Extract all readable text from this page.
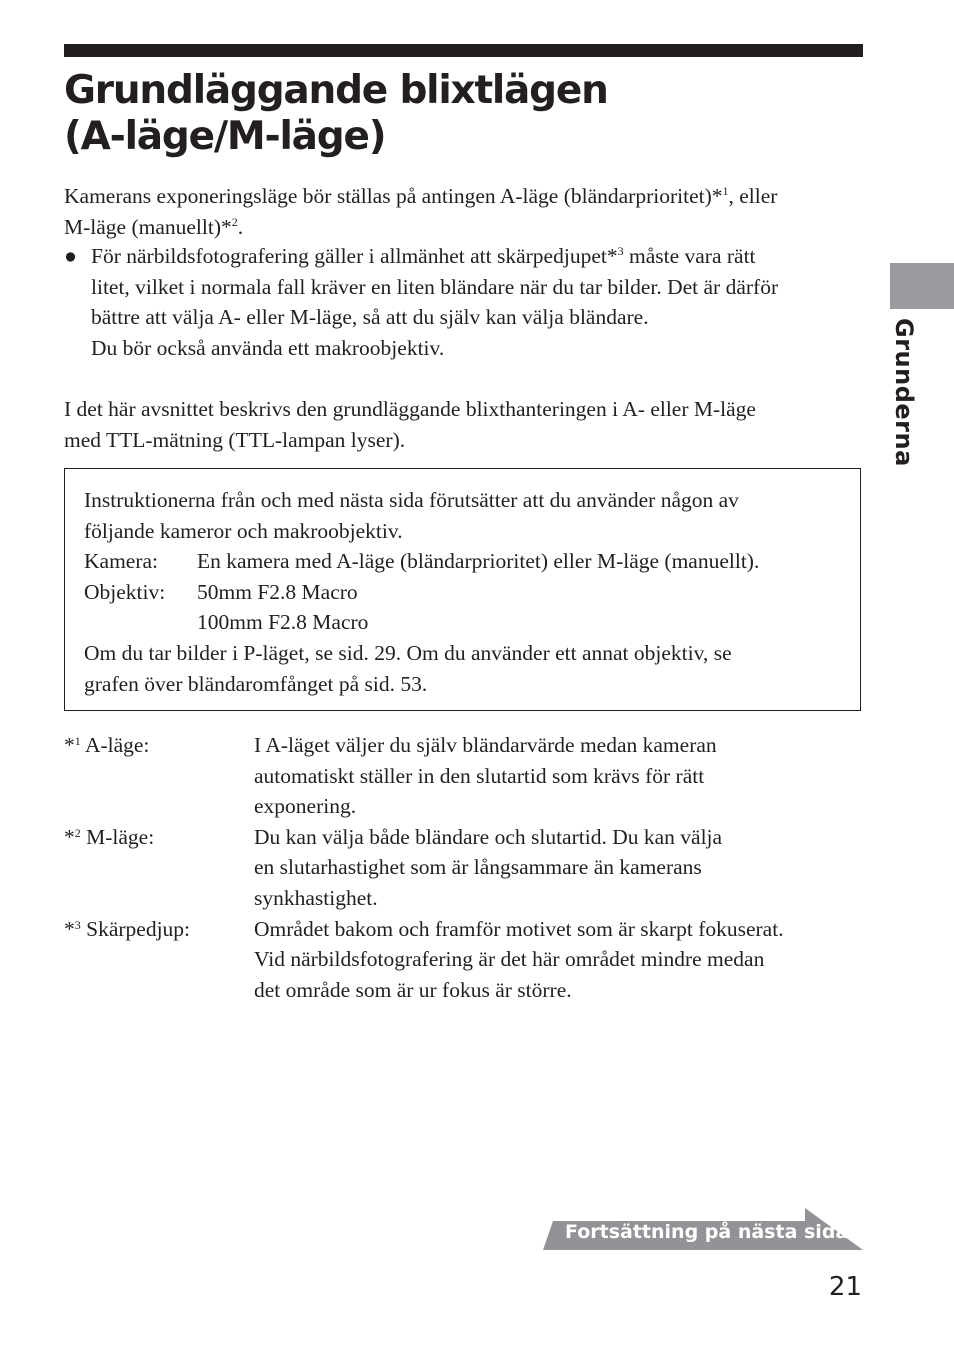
Grundläggande blixtlägen
(A-läge/M-läge)
Grunderna
Kamerans exponeringsläge bör ställas på antingen A-läge (bländarprioritet)*$^1$, eller
M-läge (manuellt)*$^2$.
● För närbildsfotografering gäller i allmänhet att skärpedjupet*$^3$ måste vara rätt
litet, vilket i normala fall kräver en liten bländare när du tar bilder. Det är därför
bättre att välja A- eller M-läge, så att du själv kan välja bländare.
Du bör också använda ett makroobjektiv.
I det här avsnittet beskrivs den grundläggande blixthanteringen i A- eller M-läge
med TTL-mätning (TTL-lampan lyser).
Instruktionerna från och med nästa sida förutsätter att du använder någon av
följande kameror och makroobjektiv.
Kamera: En kamera med A-läge (bländarprioritet) eller M-läge (manuellt).
Objektiv: 50mm F2.8 Macro
100mm F2.8 Macro
Om du tar bilder i P-läget, se sid. 29. Om du använder ett annat objektiv, se
grafen över bländaromfånget på sid. 53.
*$^1$ A-läge:	I A-läget väljer du själv bländarvärde medan kameran
automatiskt ställer in den slutartid som krävs för rätt
exponering.
*$^2$ M-läge:	Du kan välja både bländare och slutartid. Du kan välja
en slutarhastighet som är långsammare än kamerans
synkhastighet.
*$^3$ Skärpedjup:	Området bakom och framför motivet som är skarpt fokuserat.
Vid närbildsfotografering är det här området mindre medan
det område som är ur fokus är större.
Fortsättning på nästa sida
21
